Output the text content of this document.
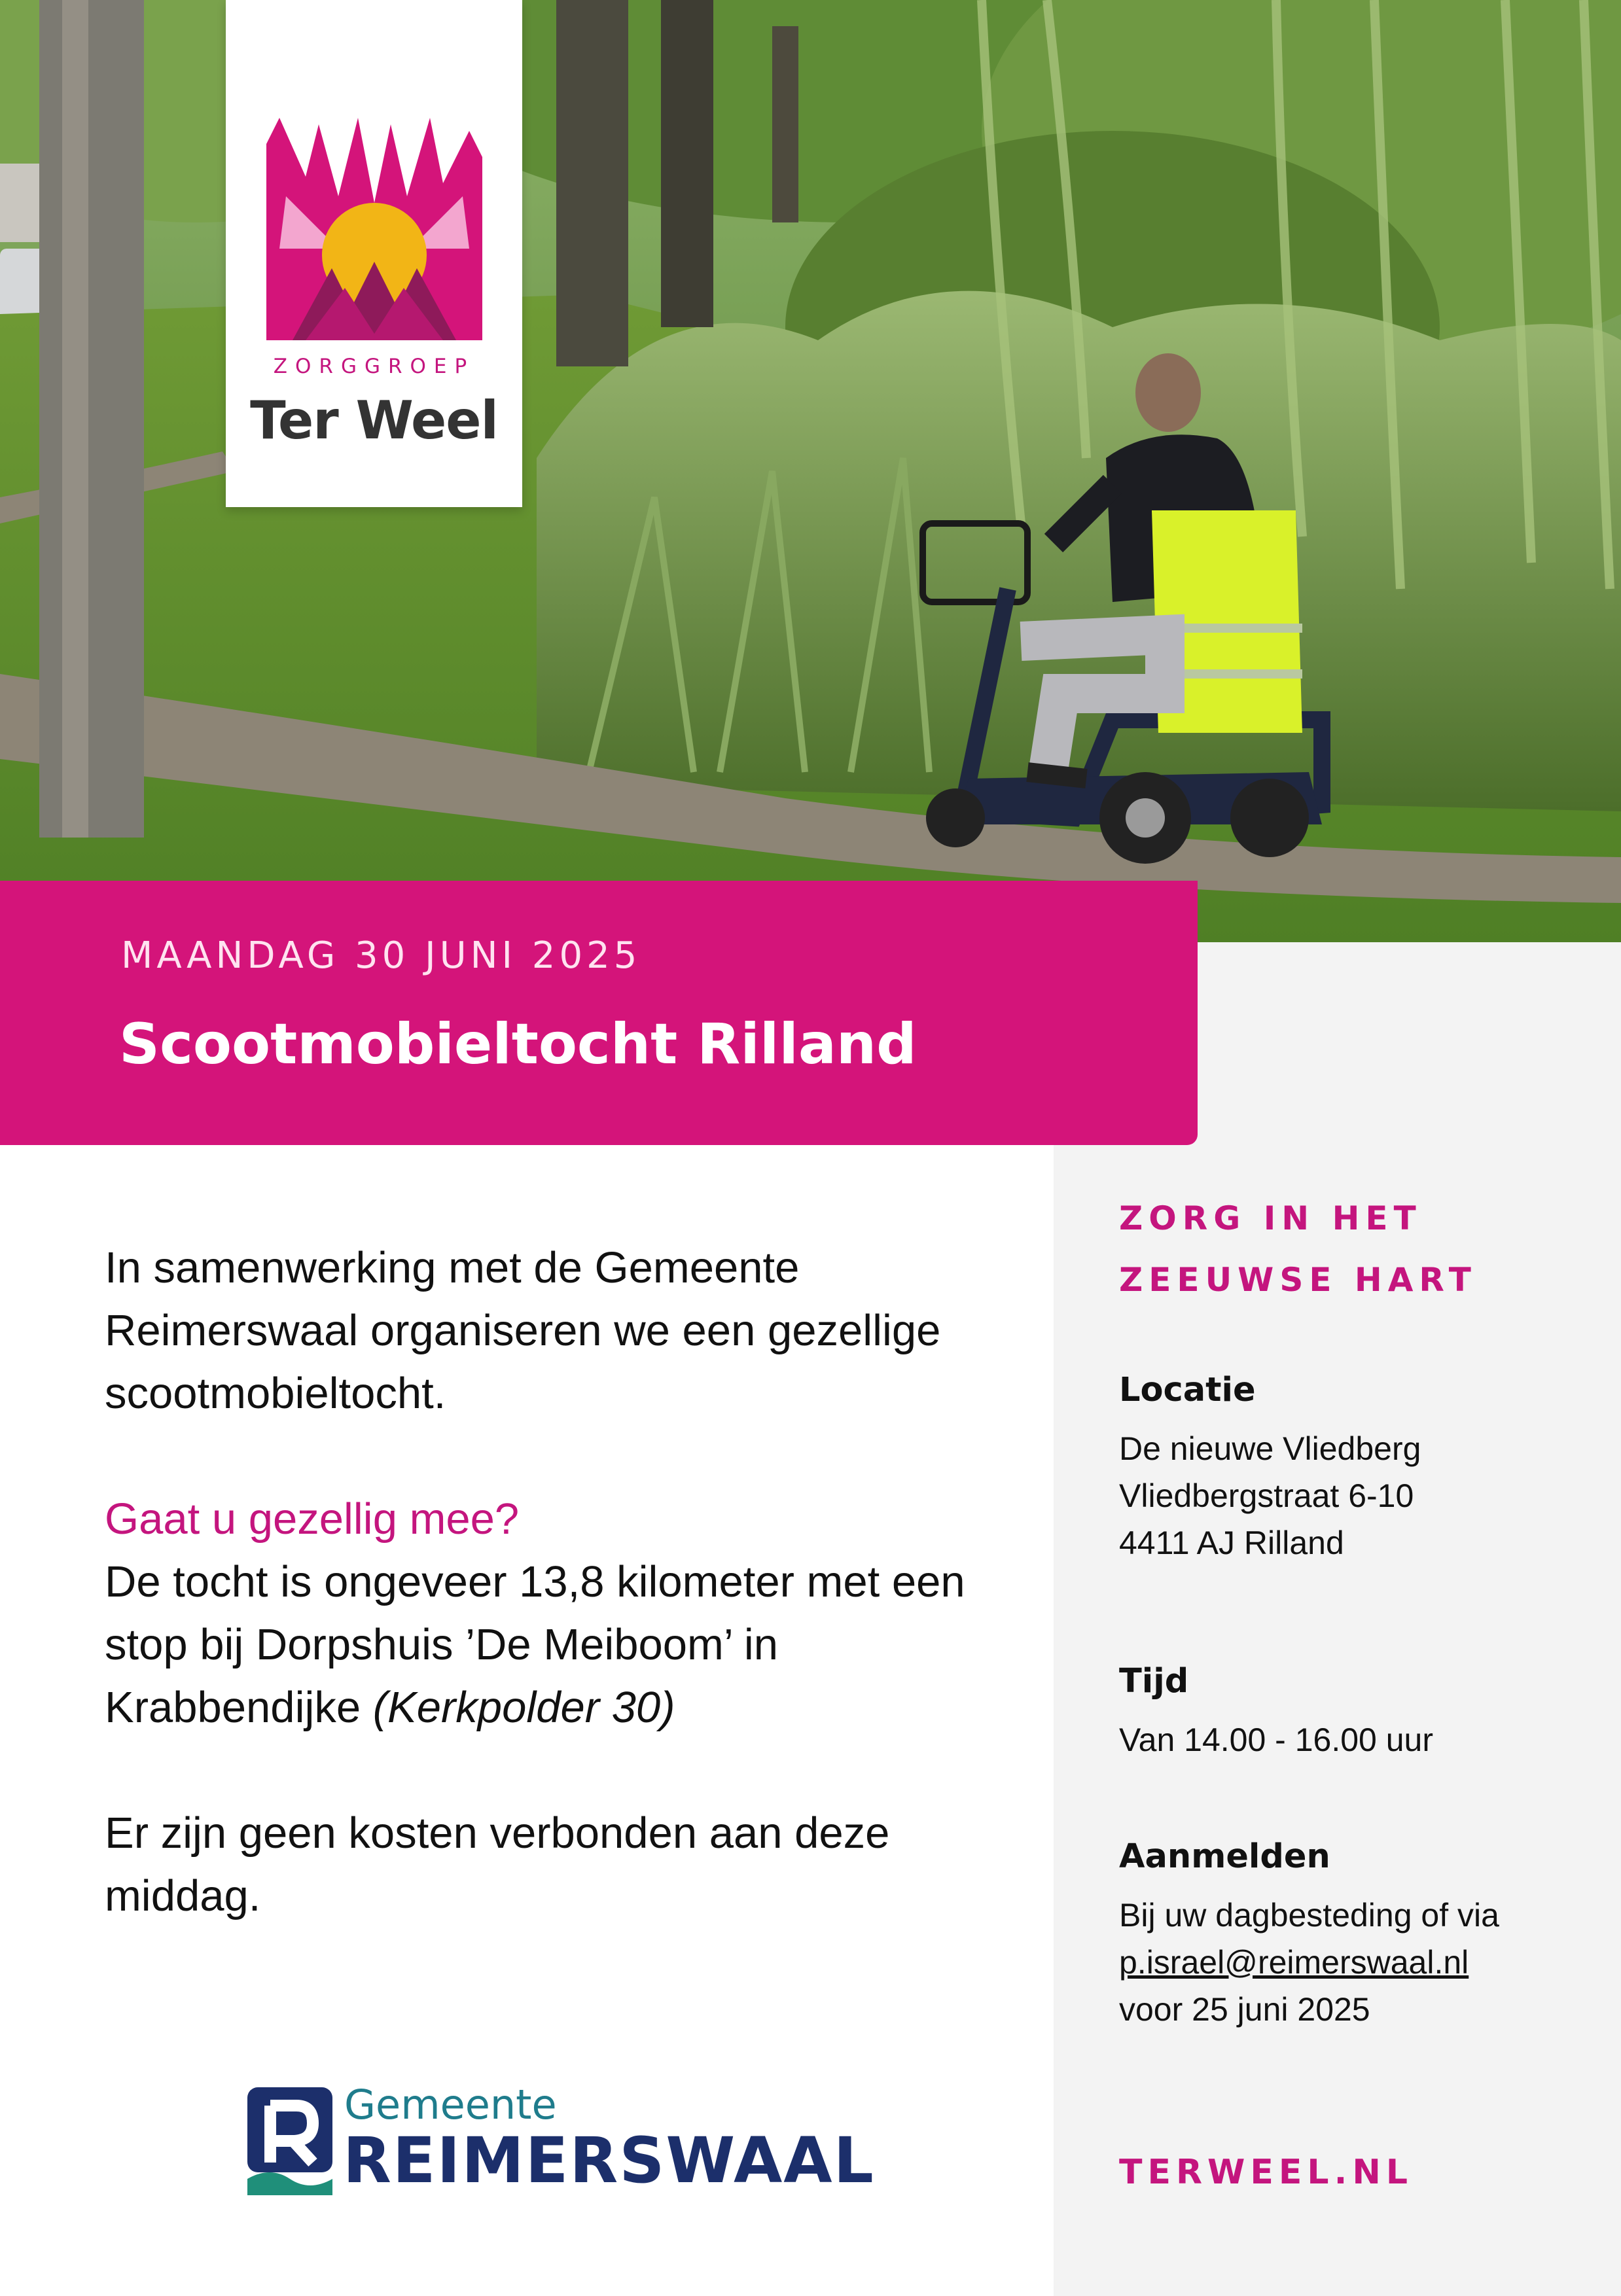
ZORGGROEP
Ter Weel
MAANDAG 30 JUNI 2025
Scootmobieltocht Rilland

In samenwerking met de Gemeente Reimerswaal organiseren we een gezellige scootmobieltocht.

Gaat u gezellig mee?

De tocht is ongeveer 13,8 kilometer met een stop bij Dorpshuis ’De Meiboom’ in Krabbendijke (Kerkpolder 30)

Er zijn geen kosten verbonden aan deze middag.

Gemeente
REIMERSWAAL
ZORG IN HET
ZEEUWSE HART
Locatie
De nieuwe Vliedberg
Vliedbergstraat 6-10
4411 AJ Rilland
Tijd
Van 14.00 - 16.00 uur
Aanmelden
Bij uw dagbesteding of via
p.israel@reimerswaal.nl
voor 25 juni 2025
TERWEEL.NL
